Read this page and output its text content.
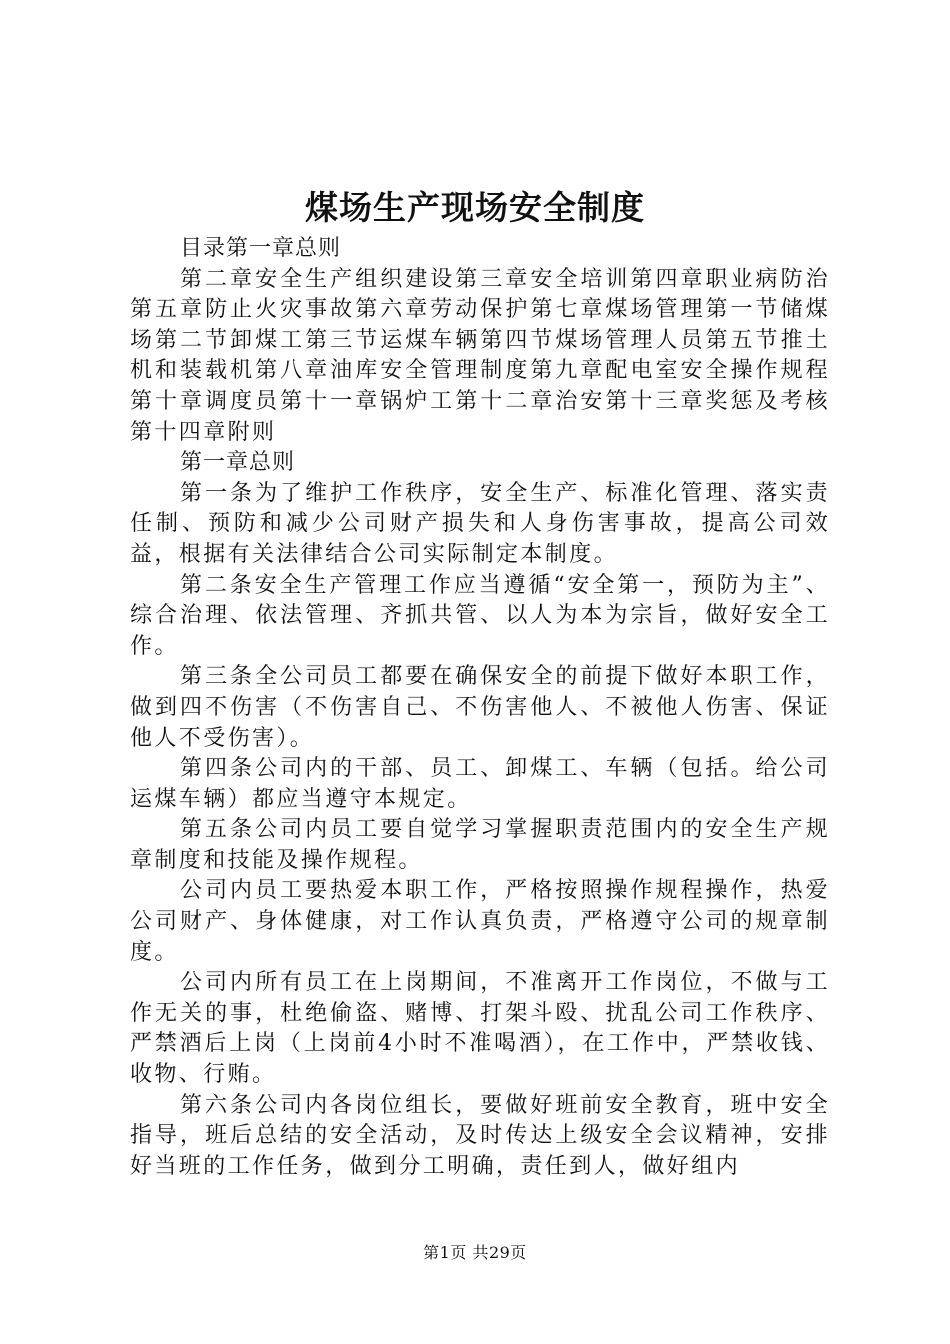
煤场生产现场安全制度

目录第一章总则

第二章安全生产组织建设第三章安全培训第四章职业病防治第五章防止火灾事故第六章劳动保护第七章煤场管理第一节储煤场第二节卸煤工第三节运煤车辆第四节煤场管理人员第五节推土机和装载机第八章油库安全管理制度第九章配电室安全操作规程第十章调度员第十一章锅炉工第十二章治安第十三章奖惩及考核第十四章附则

第一章总则

第一条为了维护工作秩序，安全生产、标准化管理、落实责任制、预防和减少公司财产损失和人身伤害事故，提高公司效益，根据有关法律结合公司实际制定本制度。

第二条安全生产管理工作应当遵循“安全第一，预防为主”、综合治理、依法管理、齐抓共管、以人为本为宗旨，做好安全工作。

第三条全公司员工都要在确保安全的前提下做好本职工作，做到四不伤害（不伤害自己、不伤害他人、不被他人伤害、保证他人不受伤害）。

第四条公司内的干部、员工、卸煤工、车辆（包括。给公司运煤车辆）都应当遵守本规定。

第五条公司内员工要自觉学习掌握职责范围内的安全生产规章制度和技能及操作规程。

公司内员工要热爱本职工作，严格按照操作规程操作，热爱公司财产、身体健康，对工作认真负责，严格遵守公司的规章制度。

公司内所有员工在上岗期间，不准离开工作岗位，不做与工作无关的事，杜绝偷盗、赌博、打架斗殴、扰乱公司工作秩序、严禁酒后上岗（上岗前4小时不准喝酒），在工作中，严禁收钱、收物、行贿。

第六条公司内各岗位组长，要做好班前安全教育，班中安全指导，班后总结的安全活动，及时传达上级安全会议精神，安排好当班的工作任务，做到分工明确，责任到人，做好组内

第1页 共29页
